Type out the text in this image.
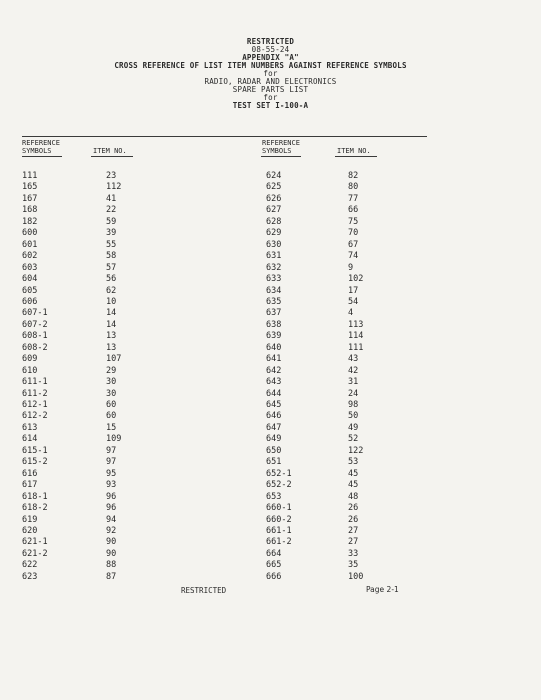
RESTRICTED
08-55-24
APPENDIX "A"
CROSS REFERENCE OF LIST ITEM NUMBERS AGAINST REFERENCE SYMBOLS
for
RADIO, RADAR AND ELECTRONICS
SPARE PARTS LIST
for
TEST SET I-100-A
REFERENCE
SYMBOLS	ITEM NO.
REFERENCE
SYMBOLS	ITEM NO.
111	23	624	82
165	112	625	80
167	41	626	77
168	22	627	66
182	59	628	75
600	39	629	70
601	55	630	67
602	58	631	74
603	57	632	9
604	56	633	102
605	62	634	17
606	10	635	54
607-1	14	637	4
607-2	14	638	113
608-1	13	639	114
608-2	13	640	111
609	107	641	43
610	29	642	42
611-1	30	643	31
611-2	30	644	24
612-1	60	645	98
612-2	60	646	50
613	15	647	49
614	109	649	52
615-1	97	650	122
615-2	97	651	53
616	95	652-1	45
617	93	652-2	45
618-1	96	653	48
618-2	96	660-1	26
619	94	660-2	26
620	92	661-1	27
621-1	90	661-2	27
621-2	90	664	33
622	88	665	35
623	87	666	100
RESTRICTED	Page 2-1
